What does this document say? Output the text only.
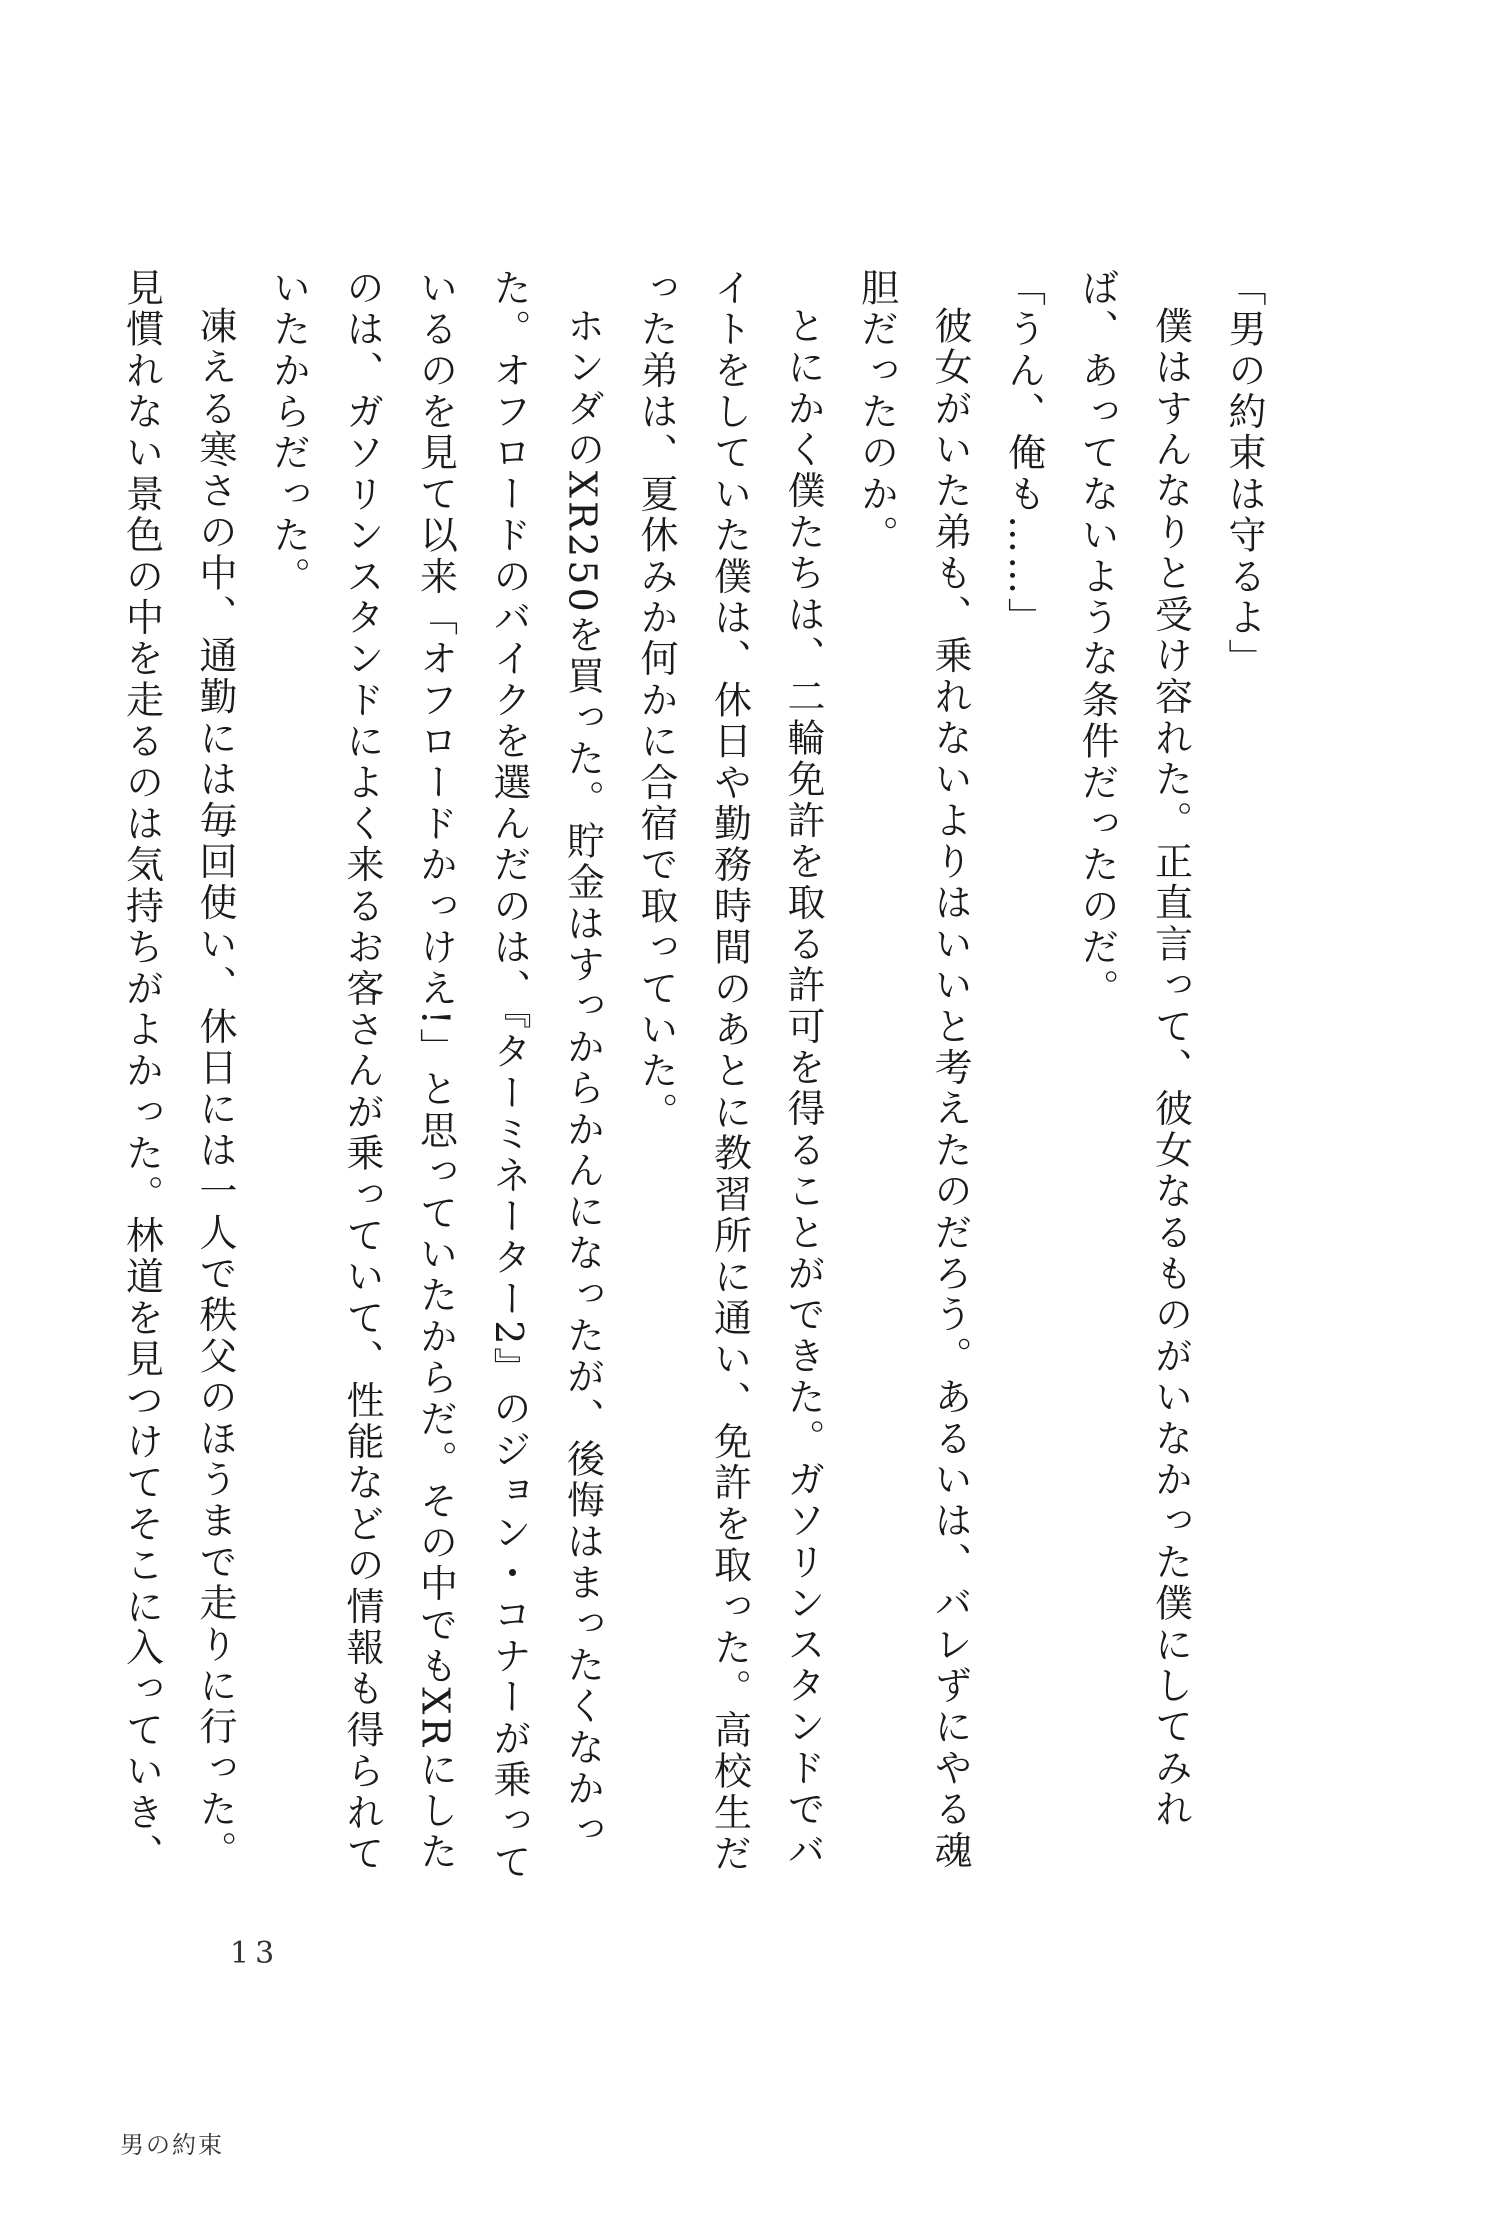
「男の約束は守るよ」

僕はすんなりと受け容れた。正直言って、彼女なるものがいなかった僕にしてみれば、あってないような条件だったのだ。

「うん、俺も……」

彼女がいた弟も、乗れないよりはいいと考えたのだろう。あるいは、バレずにやる魂胆だったのか。

とにかく僕たちは、二輪免許を取る許可を得ることができた。ガソリンスタンドでバイトをしていた僕は、休日や勤務時間のあとに教習所に通い、免許を取った。高校生だった弟は、夏休みか何かに合宿で取っていた。

ホンダのXR250を買った。貯金はすっからかんになったが、後悔はまったくなかった。オフロードのバイクを選んだのは、『ターミネーター2』のジョン・コナーが乗っているのを見て以来「オフロードかっけえ!」と思っていたからだ。その中でもXRにしたのは、ガソリンスタンドによく来るお客さんが乗っていて、性能などの情報も得られていたからだった。

凍える寒さの中、通勤には毎回使い、休日には一人で秩父のほうまで走りに行った。見慣れない景色の中を走るのは気持ちがよかった。林道を見つけてそこに入っていき、

13
男の約束
